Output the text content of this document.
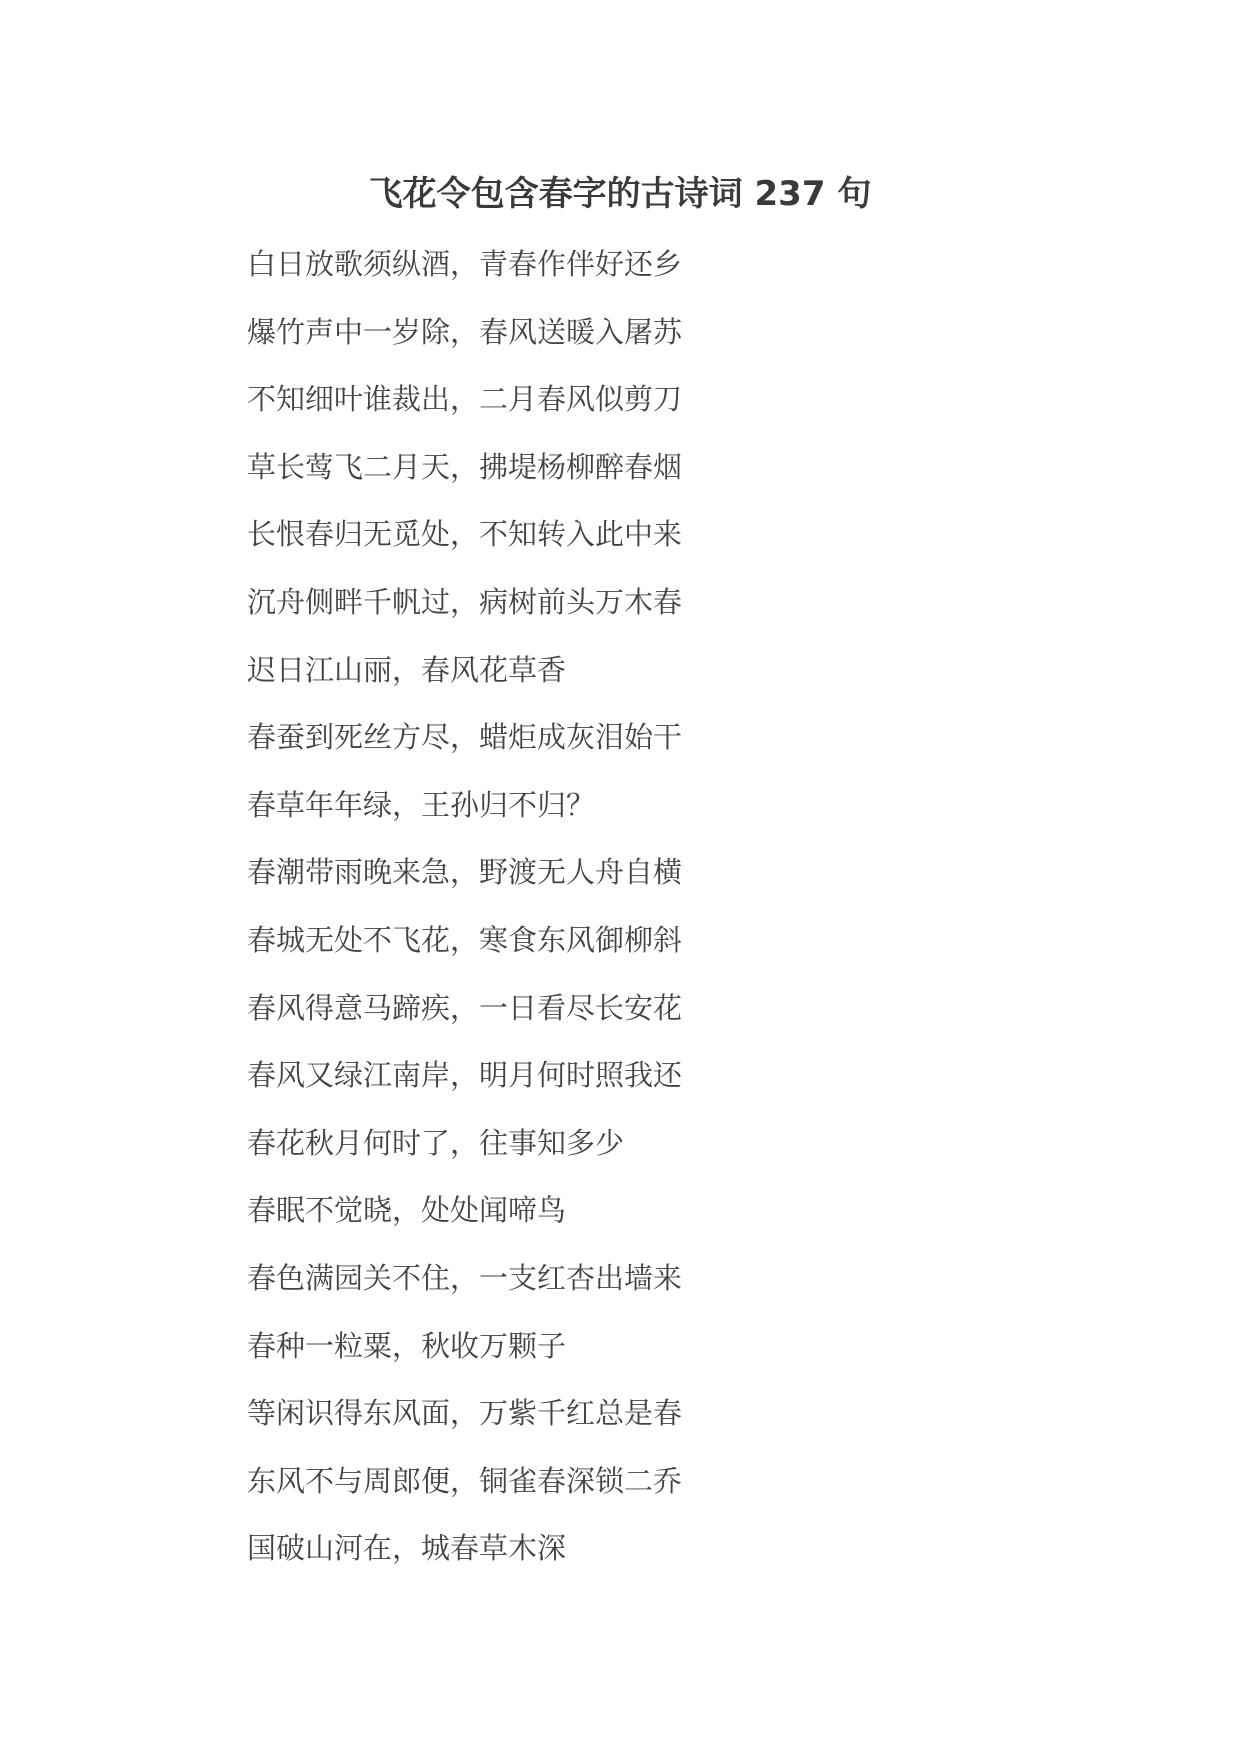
飞花令包含春字的古诗词 237 句
白日放歌须纵酒，青春作伴好还乡
爆竹声中一岁除，春风送暖入屠苏
不知细叶谁裁出，二月春风似剪刀
草长莺飞二月天，拂堤杨柳醉春烟
长恨春归无觅处，不知转入此中来
沉舟侧畔千帆过，病树前头万木春
迟日江山丽，春风花草香
春蚕到死丝方尽，蜡炬成灰泪始干
春草年年绿，王孙归不归？
春潮带雨晚来急，野渡无人舟自横
春城无处不飞花，寒食东风御柳斜
春风得意马蹄疾，一日看尽长安花
春风又绿江南岸，明月何时照我还
春花秋月何时了，往事知多少
春眠不觉晓，处处闻啼鸟
春色满园关不住，一支红杏出墙来
春种一粒粟，秋收万颗子
等闲识得东风面，万紫千红总是春
东风不与周郎便，铜雀春深锁二乔
国破山河在，城春草木深
